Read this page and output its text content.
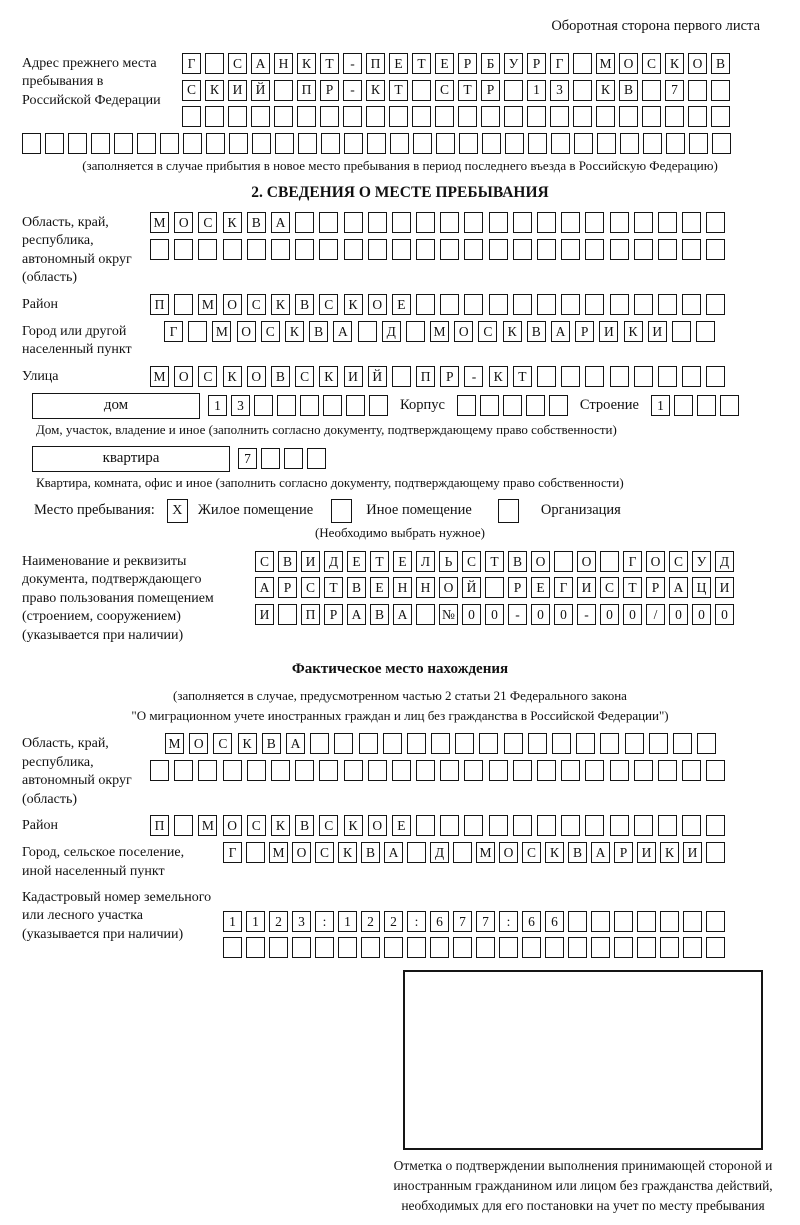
Оборотная сторона первого листа
Адрес прежнего места пребывания в Российской Федерации
Г	С	А Н	К	Т	-	П	Е	Т	Е	Р	Б	У	Р	Г	М О	С	К	О	В
С	К	И Й	П	Р	-	К	Т	С	Т	Р	1	3	К	В	7
(заполняется в случае прибытия в новое место пребывания в период последнего въезда в Российскую Федерацию)
2. СВЕДЕНИЯ О МЕСТЕ ПРЕБЫВАНИЯ
Область, край, республика, автономный округ (область)
М О	С	К	В	А
Район	П	М О	С	К	В	С	К	О	Е
Город или другой населенный пункт
Г	М О	С	К	В	А	Д	М О	С	К	В	А	Р	И	К	И
Улица	М О	С	К	О	В	С	К	И	Й	П	Р	-	К	Т
дом	1	3	Корпус	Строение	1
Дом, участок, владение и иное (заполнить согласно документу, подтверждающему право собственности)
квартира	7
Квартира, комната, офис и иное (заполнить согласно документу, подтверждающему право собственности)
Место пребывания:	X	Жилое помещение	Иное помещение	Организация
(Необходимо выбрать нужное)
Наименование и реквизиты документа, подтверждающего право пользования помещением (строением, сооружением) (указывается при наличии)
С	В	И	Д	Е	Т	Е	Л	Ь	С	Т	В	О	О	Г	О	С	У	Д
А	Р	С	Т	В	Е	Н Н О Й	Р	Е	Г	И	С	Т	Р	А Ц И
И	П	Р	А	В	А	№ 0	0	-	0	0	-	0	0	/	0	0	0
Фактическое место нахождения
(заполняется в случае, предусмотренном частью 2 статьи 21 Федерального закона
"О миграционном учете иностранных граждан и лиц без гражданства в Российской Федерации")
Область, край, республика, автономный округ (область)
М О	С	К	В	А
Район	П	М О	С	К	В	С	К	О	Е
Город, сельское поселение, иной населенный пункт
Г	М О	С	К	В	А	Д	М О	С	К	В	А	Р	И	К	И
Кадастровый номер земельного или лесного участка (указывается при наличии)
1	1	2	3	:	1	2	2	:	6	7	7	:	6	6
Отметка о подтверждении выполнения принимающей стороной и иностранным гражданином или лицом без гражданства действий, необходимых для его постановки на учет по месту пребывания
